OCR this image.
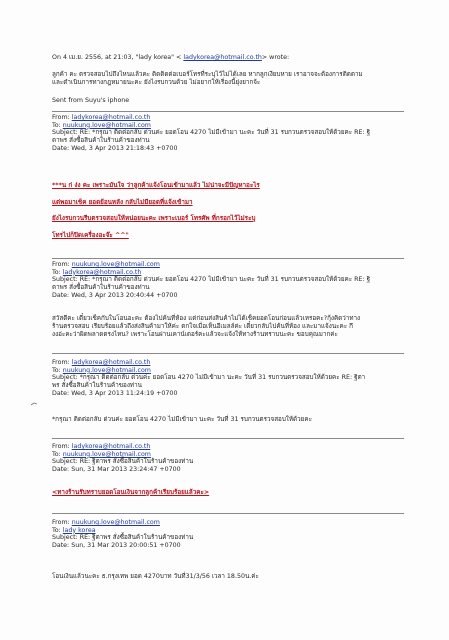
On 4 เม.ย. 2556, at 21:03, "lady korea" < ladykorea@hotmail.co.th> wrote:
ลูกค้า คะ ตรวจสอบไปถึงไหนแล้วคะ ติดติดต่อเบอร์โทรที่ระบุไว้ไม่ได้เลย หากลูกเงียบหาย เราอาจจะต้องการติดตาม
และดำเนินการทางกฎหมายนะคะ ยังไงรบกวนด้วย ไม่อยากให้เรื่องนี้ยุ่งยากจ้ะ
Sent from Suyu's iphone
From: ladykorea@hotmail.co.th
To: nuukung.love@hotmail.com
Subject: RE: *กรุณา ติดต่อกลับ ด่วนค่ะ ยอดโอน 4270 ไม่มีเข้ามา นะคะ วันที่ 31 รบกวนตรวจสอบให้ด้วยคะ RE: ฐิ
ตาพร สั่งซื้อสินค้าในร้านค้าของท่าน
Date: Wed, 3 Apr 2013 21:18:43 +0700
***น ก่ ง่ง คะ เพราะมันใจ ว่าลูกค้าแจ้งโอนเข้ามาแล้ว ไม่น่าจะมีปัญหาอะไร
แต่พอมาเช็ค ยอดย้อนหลัง กลับไม่มียอดที่แจ้งเข้ามา
ยังไงรบกวนรีบตรวจสอบให้หน่อยนะคะ เพราะเบอร์ โทรศัพ ที่กรอกไว้ไม่ระบุ
โทรไปก็ปิดเครื่องอะจ๊ะ ^^"
From: nuukung.love@hotmail.com
To: ladykorea@hotmail.co.th
Subject: RE: *กรุณา ติดต่อกลับ ด่วนค่ะ ยอดโอน 4270 ไม่มีเข้ามา นะคะ วันที่ 31 รบกวนตรวจสอบให้ด้วยคะ RE: ฐิ
ตาพร สั่งซื้อสินค้าในร้านค้าของท่าน
Date: Wed, 3 Apr 2013 20:40:44 +0700
สวัสดีคะ เดี๋ยวเช็คกับในโอนอะคะ ต้องไปค้นที่ห้อง แต่ก่อนส่งสินค้าไม่ได้เช็คยอดโอนก่อนแล้วเหรอคะ?กุ้งคิดว่าทาง
ร้านตรวจสอบ เรียบร้อยแล้วถึงส่งสินค้ามาให้ค่ะ ตกใจเมื่อเห็นอีเมลล์ค่ะ เดี๋ยวกลับไปค้นที่ห้อง และมาแจ้งนะคะ กึ
งงอ่ะคะว่าผิดพลาดตรงไหน? เพราะโอนผ่านเคาน์เตอร์คะแล้วจะแจ้งให้ทางร้านทราบนะคะ ขอบคุณมากค่ะ
From: ladykorea@hotmail.co.th
To: nuukung.love@hotmail.com
Subject: *กรุณา ติดต่อกลับ ด่วนค่ะ ยอดโอน 4270 ไม่มีเข้ามา นะคะ วันที่ 31 รบกวนตรวจสอบให้ด้วยคะ RE: ฐิตา
พร สั่งซื้อสินค้าในร้านค้าของท่าน
Date: Wed, 3 Apr 2013 11:24:19 +0700
*กรุณา ติดต่อกลับ ด่วนค่ะ ยอดโอน 4270 ไม่มีเข้ามา นะคะ วันที่ 31 รบกวนตรวจสอบให้ด้วยคะ
From: ladykorea@hotmail.co.th
To: nuukung.love@hotmail.com
Subject: RE: ฐิตาพร สั่งซื้อสินค้าในร้านค้าของท่าน
Date: Sun, 31 Mar 2013 23:24:47 +0700
<ทางร้านรับทราบยอดโอนเงินจากลูกค้าเรียบร้อยแล้วคะ>
From: nuukung.love@hotmail.com
To: lady korea
Subject: RE: ฐิตาพร สั่งซื้อสินค้าในร้านค้าของท่าน
Date: Sun, 31 Mar 2013 20:00:51 +0700
โอนเงินแล้วนะคะ ธ.กรุงเทพ ยอด 4270บาท วันที่31/3/56 เวลา 18.50น.ค่ะ
